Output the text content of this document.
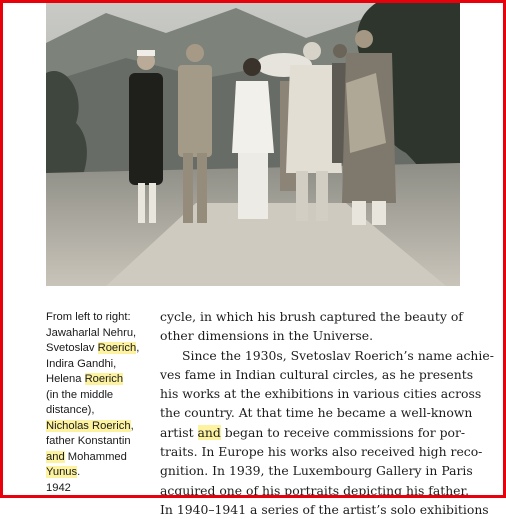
From left to right:
Jawaharlal Nehru,
Svetoslav Roerich,
Indira Gandhi,
Helena Roerich
(in the middle
distance),
Nicholas Roerich,
father Konstantin
and Mohammed
Yunus.
1942
cycle, in which his brush captured the beauty of
other dimensions in the Universe.
Since the 1930s, Svetoslav Roerich’s name achie-
ves fame in Indian cultural circles, as he presents
his works at the exhibitions in various cities across
the country. At that time he became a well-known
artist and began to receive commissions for por-
traits. In Europe his works also received high reco-
gnition. In 1939, the Luxembourg Gallery in Paris
acquired one of his portraits depicting his father.
In 1940–1941 a series of the artist’s solo exhibitions
